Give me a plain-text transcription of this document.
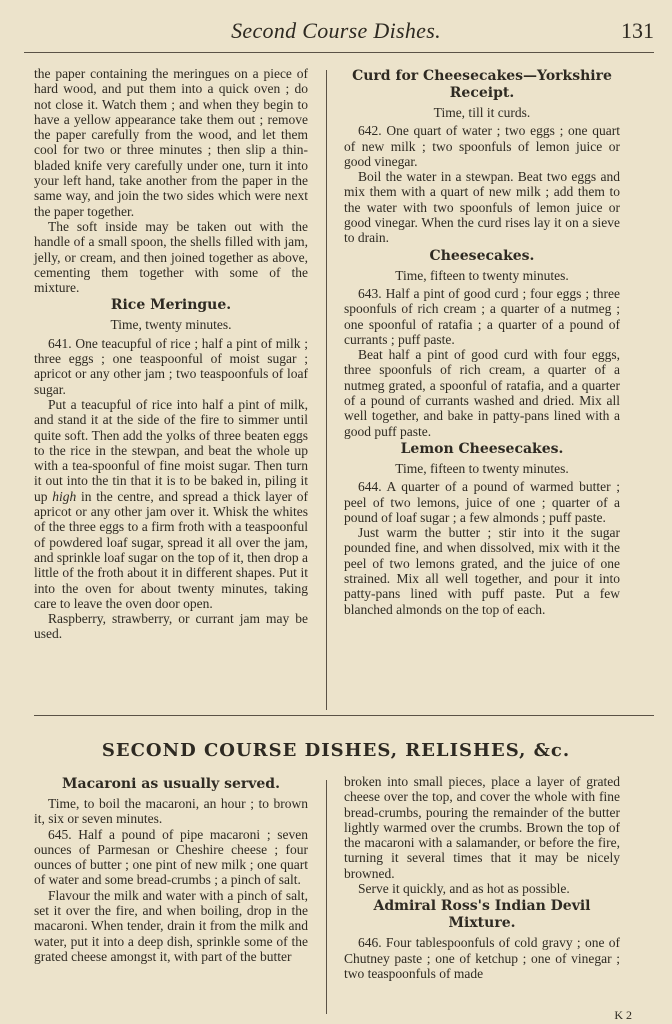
Second Course Dishes.	131

the paper containing the meringues on a piece of hard wood, and put them into a quick oven ; do not close it. Watch them ; and when they begin to have a yellow appearance take them out ; remove the paper carefully from the wood, and let them cool for two or three minutes ; then slip a thin-bladed knife very carefully under one, turn it into your left hand, take another from the paper in the same way, and join the two sides which were next the paper together.

The soft inside may be taken out with the handle of a small spoon, the shells filled with jam, jelly, or cream, and then joined together as above, cementing them together with some of the mixture.

Rice Meringue.
Time, twenty minutes.

641. One teacupful of rice ; half a pint of milk ; three eggs ; one teaspoonful of moist sugar ; apricot or any other jam ; two teaspoonfuls of loaf sugar.

Put a teacupful of rice into half a pint of milk, and stand it at the side of the fire to simmer until quite soft. Then add the yolks of three beaten eggs to the rice in the stewpan, and beat the whole up with a tea-spoonful of fine moist sugar. Then turn it out into the tin that it is to be baked in, piling it up high in the centre, and spread a thick layer of apricot or any other jam over it. Whisk the whites of the three eggs to a firm froth with a teaspoonful of powdered loaf sugar, spread it all over the jam, and sprinkle loaf sugar on the top of it, then drop a little of the froth about it in different shapes. Put it into the oven for about twenty minutes, taking care to leave the oven door open.

Raspberry, strawberry, or currant jam may be used.

Curd for Cheesecakes—Yorkshire Receipt.
Time, till it curds.

642. One quart of water ; two eggs ; one quart of new milk ; two spoonfuls of lemon juice or good vinegar.

Boil the water in a stewpan. Beat two eggs and mix them with a quart of new milk ; add them to the water with two spoonfuls of lemon juice or good vinegar. When the curd rises lay it on a sieve to drain.

Cheesecakes.
Time, fifteen to twenty minutes.

643. Half a pint of good curd ; four eggs ; three spoonfuls of rich cream ; a quarter of a nutmeg ; one spoonful of ratafia ; a quarter of a pound of currants ; puff paste.

Beat half a pint of good curd with four eggs, three spoonfuls of rich cream, a quarter of a nutmeg grated, a spoonful of ratafia, and a quarter of a pound of currants washed and dried. Mix all well together, and bake in patty-pans lined with a good puff paste.

Lemon Cheesecakes.
Time, fifteen to twenty minutes.

644. A quarter of a pound of warmed butter ; peel of two lemons, juice of one ; quarter of a pound of loaf sugar ; a few almonds ; puff paste.

Just warm the butter ; stir into it the sugar pounded fine, and when dissolved, mix with it the peel of two lemons grated, and the juice of one strained. Mix all well together, and pour it into patty-pans lined with puff paste. Put a few blanched almonds on the top of each.

SECOND COURSE DISHES, RELISHES, &c.
Macaroni as usually served.

Time, to boil the macaroni, an hour ; to brown it, six or seven minutes.

645. Half a pound of pipe macaroni ; seven ounces of Parmesan or Cheshire cheese ; four ounces of butter ; one pint of new milk ; one quart of water and some bread-crumbs ; a pinch of salt.

Flavour the milk and water with a pinch of salt, set it over the fire, and when boiling, drop in the macaroni. When tender, drain it from the milk and water, put it into a deep dish, sprinkle some of the grated cheese amongst it, with part of the butter

broken into small pieces, place a layer of grated cheese over the top, and cover the whole with fine bread-crumbs, pouring the remainder of the butter lightly warmed over the crumbs. Brown the top of the macaroni with a salamander, or before the fire, turning it several times that it may be nicely browned.

Serve it quickly, and as hot as possible.

Admiral Ross's Indian Devil Mixture.

646. Four tablespoonfuls of cold gravy ; one of Chutney paste ; one of ketchup ; one of vinegar ; two teaspoonfuls of made

K 2
